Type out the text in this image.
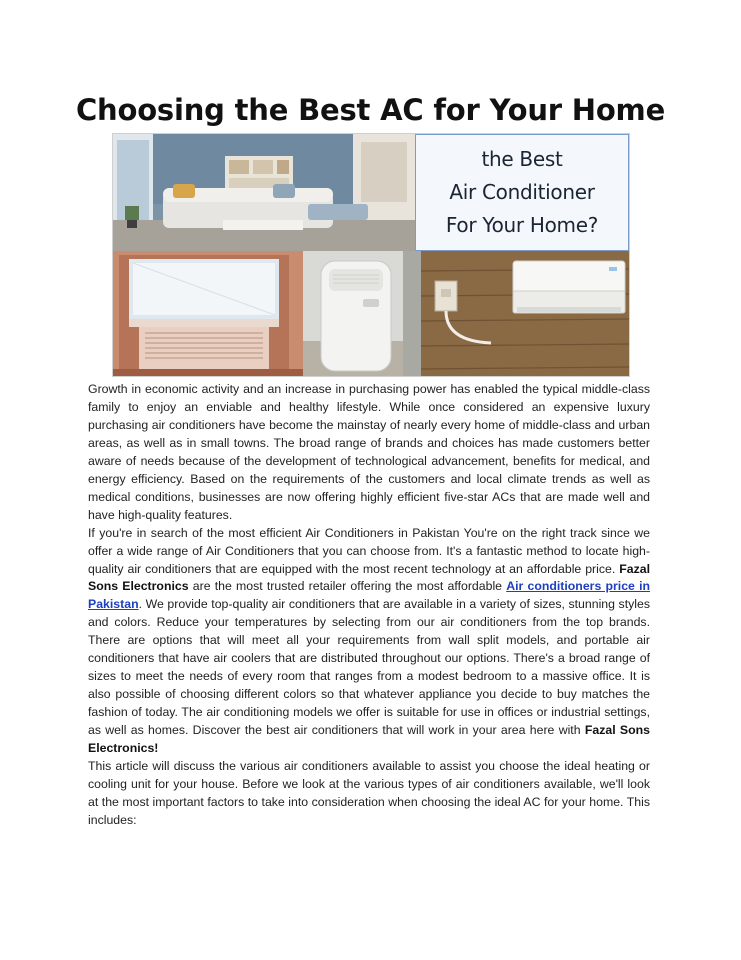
Choosing the Best AC for Your Home
the Best
Air Conditioner
For Your Home?

Growth in economic activity and an increase in purchasing power has enabled the typical middle-class family to enjoy an enviable and healthy lifestyle. While once considered an expensive luxury purchasing air conditioners have become the mainstay of nearly every home of middle-class and urban areas, as well as in small towns. The broad range of brands and choices has made customers better aware of needs because of the development of technological advancement, benefits for medical, and energy efficiency. Based on the requirements of the customers and local climate trends as well as medical conditions, businesses are now offering highly efficient five-star ACs that are made well and have high-quality features.

If you're in search of the most efficient Air Conditioners in Pakistan You're on the right track since we offer a wide range of Air Conditioners that you can choose from. It's a fantastic method to locate high-quality air conditioners that are equipped with the most recent technology at an affordable price. Fazal Sons Electronics are the most trusted retailer offering the most affordable Air conditioners price in Pakistan. We provide top-quality air conditioners that are available in a variety of sizes, stunning styles and colors. Reduce your temperatures by selecting from our air conditioners from the top brands. There are options that will meet all your requirements from wall split models, and portable air conditioners that have air coolers that are distributed throughout our options. There's a broad range of sizes to meet the needs of every room that ranges from a modest bedroom to a massive office. It is also possible of choosing different colors so that whatever appliance you decide to buy matches the fashion of today. The air conditioning models we offer is suitable for use in offices or industrial settings, as well as homes. Discover the best air conditioners that will work in your area here with Fazal Sons Electronics!

This article will discuss the various air conditioners available to assist you choose the ideal heating or cooling unit for your house. Before we look at the various types of air conditioners available, we'll look at the most important factors to take into consideration when choosing the ideal AC for your home. This includes:
